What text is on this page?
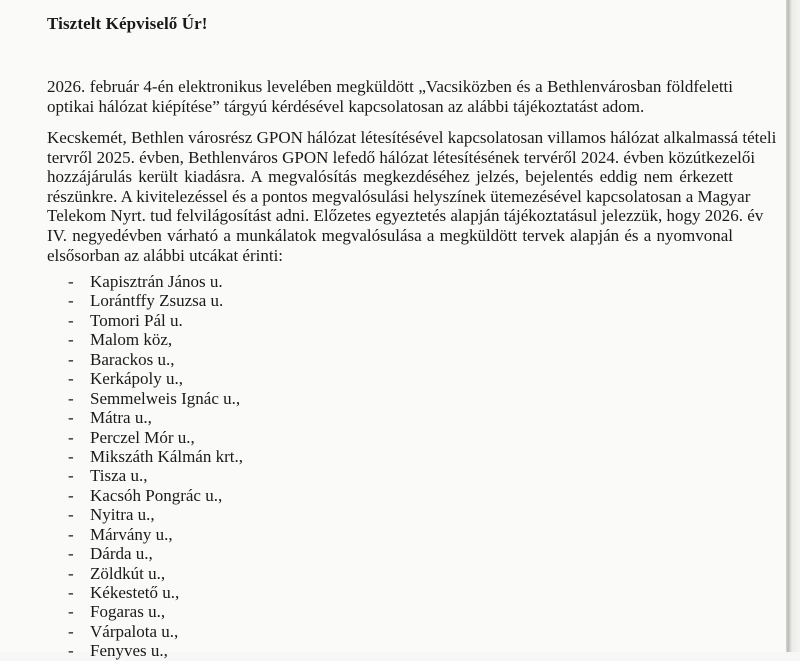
Tisztelt Képviselő Úr!

2026. február 4-én elektronikus levelében megküldött „Vacsiközben és a Bethlenvárosban földfeletti
optikai hálózat kiépítése” tárgyú kérdésével kapcsolatosan az alábbi tájékoztatást adom.

Kecskemét, Bethlen városrész GPON hálózat létesítésével kapcsolatosan villamos hálózat alkalmassá tételi
tervről 2025. évben, Bethlenváros GPON lefedő hálózat létesítésének tervéről 2024. évben közútkezelői
hozzájárulás került kiadásra. A megvalósítás megkezdéséhez jelzés, bejelentés eddig nem érkezett
részünkre. A kivitelezéssel és a pontos megvalósulási helyszínek ütemezésével kapcsolatosan a Magyar
Telekom Nyrt. tud felvilágosítást adni. Előzetes egyeztetés alapján tájékoztatásul jelezzük, hogy 2026. év
IV. negyedévben várható a munkálatok megvalósulása a megküldött tervek alapján és a nyomvonal
elsősorban az alábbi utcákat érinti:

- Kapisztrán János u.
- Lorántffy Zsuzsa u.
- Tomori Pál u.
- Malom köz,
- Barackos u.,
- Kerkápoly u.,
- Semmelweis Ignác u.,
- Mátra u.,
- Perczel Mór u.,
- Mikszáth Kálmán krt.,
- Tisza u.,
- Kacsóh Pongrác u.,
- Nyitra u.,
- Márvány u.,
- Dárda u.,
- Zöldkút u.,
- Kékestető u.,
- Fogaras u.,
- Várpalota u.,
- Fenyves u.,
